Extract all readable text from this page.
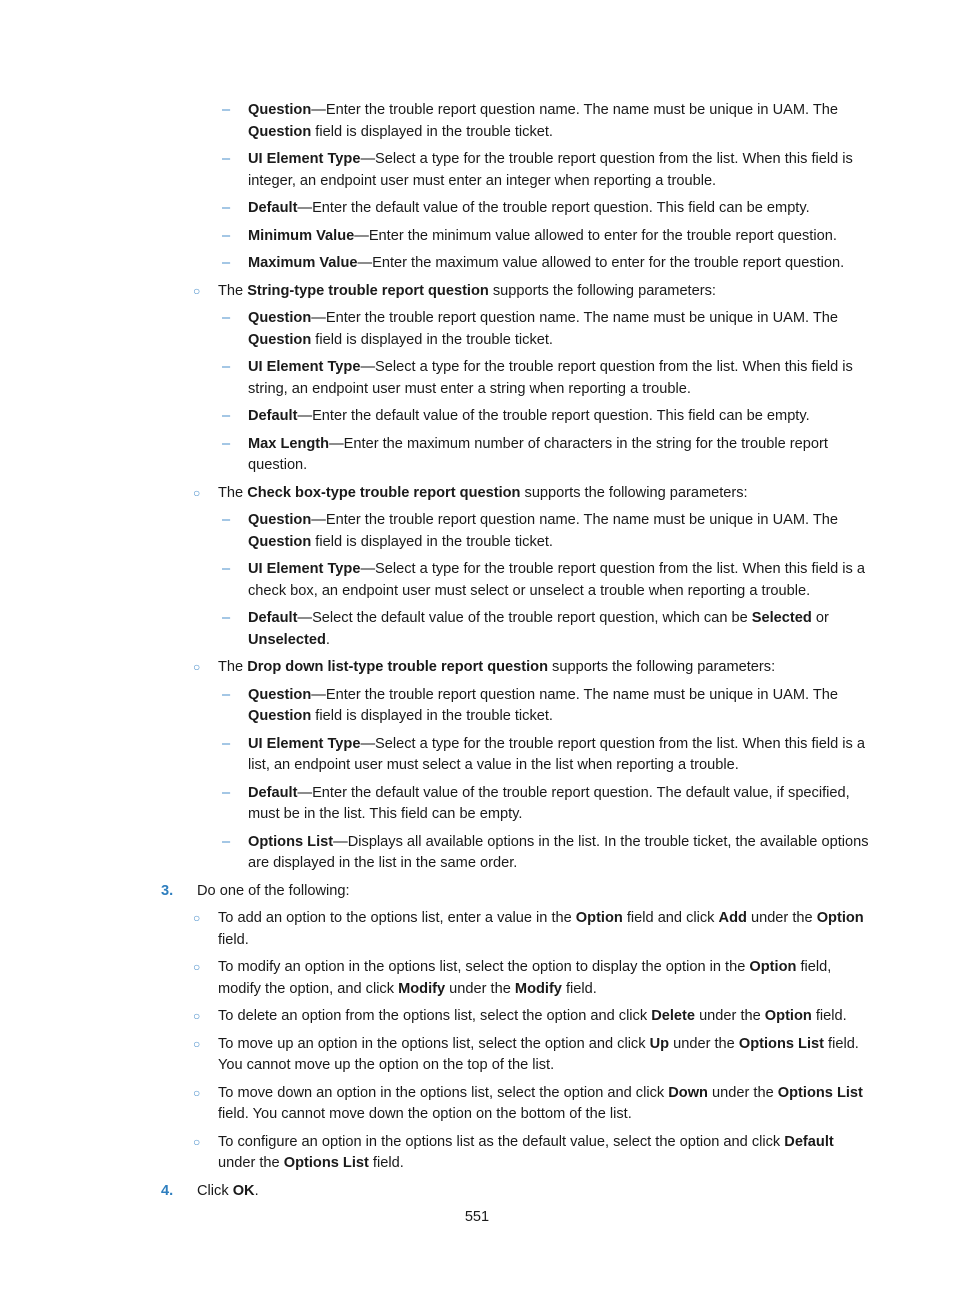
– Question—Enter the trouble report question name. The name must be unique in UAM. The Question field is displayed in the trouble ticket.
– UI Element Type—Select a type for the trouble report question from the list. When this field is integer, an endpoint user must enter an integer when reporting a trouble.
– Default—Enter the default value of the trouble report question. This field can be empty.
– Minimum Value—Enter the minimum value allowed to enter for the trouble report question.
– Maximum Value—Enter the maximum value allowed to enter for the trouble report question.
○ The String-type trouble report question supports the following parameters:
– Question—Enter the trouble report question name. The name must be unique in UAM. The Question field is displayed in the trouble ticket.
– UI Element Type—Select a type for the trouble report question from the list. When this field is string, an endpoint user must enter a string when reporting a trouble.
– Default—Enter the default value of the trouble report question. This field can be empty.
– Max Length—Enter the maximum number of characters in the string for the trouble report question.
○ The Check box-type trouble report question supports the following parameters:
– Question—Enter the trouble report question name. The name must be unique in UAM. The Question field is displayed in the trouble ticket.
– UI Element Type—Select a type for the trouble report question from the list. When this field is a check box, an endpoint user must select or unselect a trouble when reporting a trouble.
– Default—Select the default value of the trouble report question, which can be Selected or Unselected.
○ The Drop down list-type trouble report question supports the following parameters:
– Question—Enter the trouble report question name. The name must be unique in UAM. The Question field is displayed in the trouble ticket.
– UI Element Type—Select a type for the trouble report question from the list. When this field is a list, an endpoint user must select a value in the list when reporting a trouble.
– Default—Enter the default value of the trouble report question. The default value, if specified, must be in the list. This field can be empty.
– Options List—Displays all available options in the list. In the trouble ticket, the available options are displayed in the list in the same order.
3. Do one of the following:
○ To add an option to the options list, enter a value in the Option field and click Add under the Option field.
○ To modify an option in the options list, select the option to display the option in the Option field, modify the option, and click Modify under the Modify field.
○ To delete an option from the options list, select the option and click Delete under the Option field.
○ To move up an option in the options list, select the option and click Up under the Options List field. You cannot move up the option on the top of the list.
○ To move down an option in the options list, select the option and click Down under the Options List field. You cannot move down the option on the bottom of the list.
○ To configure an option in the options list as the default value, select the option and click Default under the Options List field.
4. Click OK.
551
